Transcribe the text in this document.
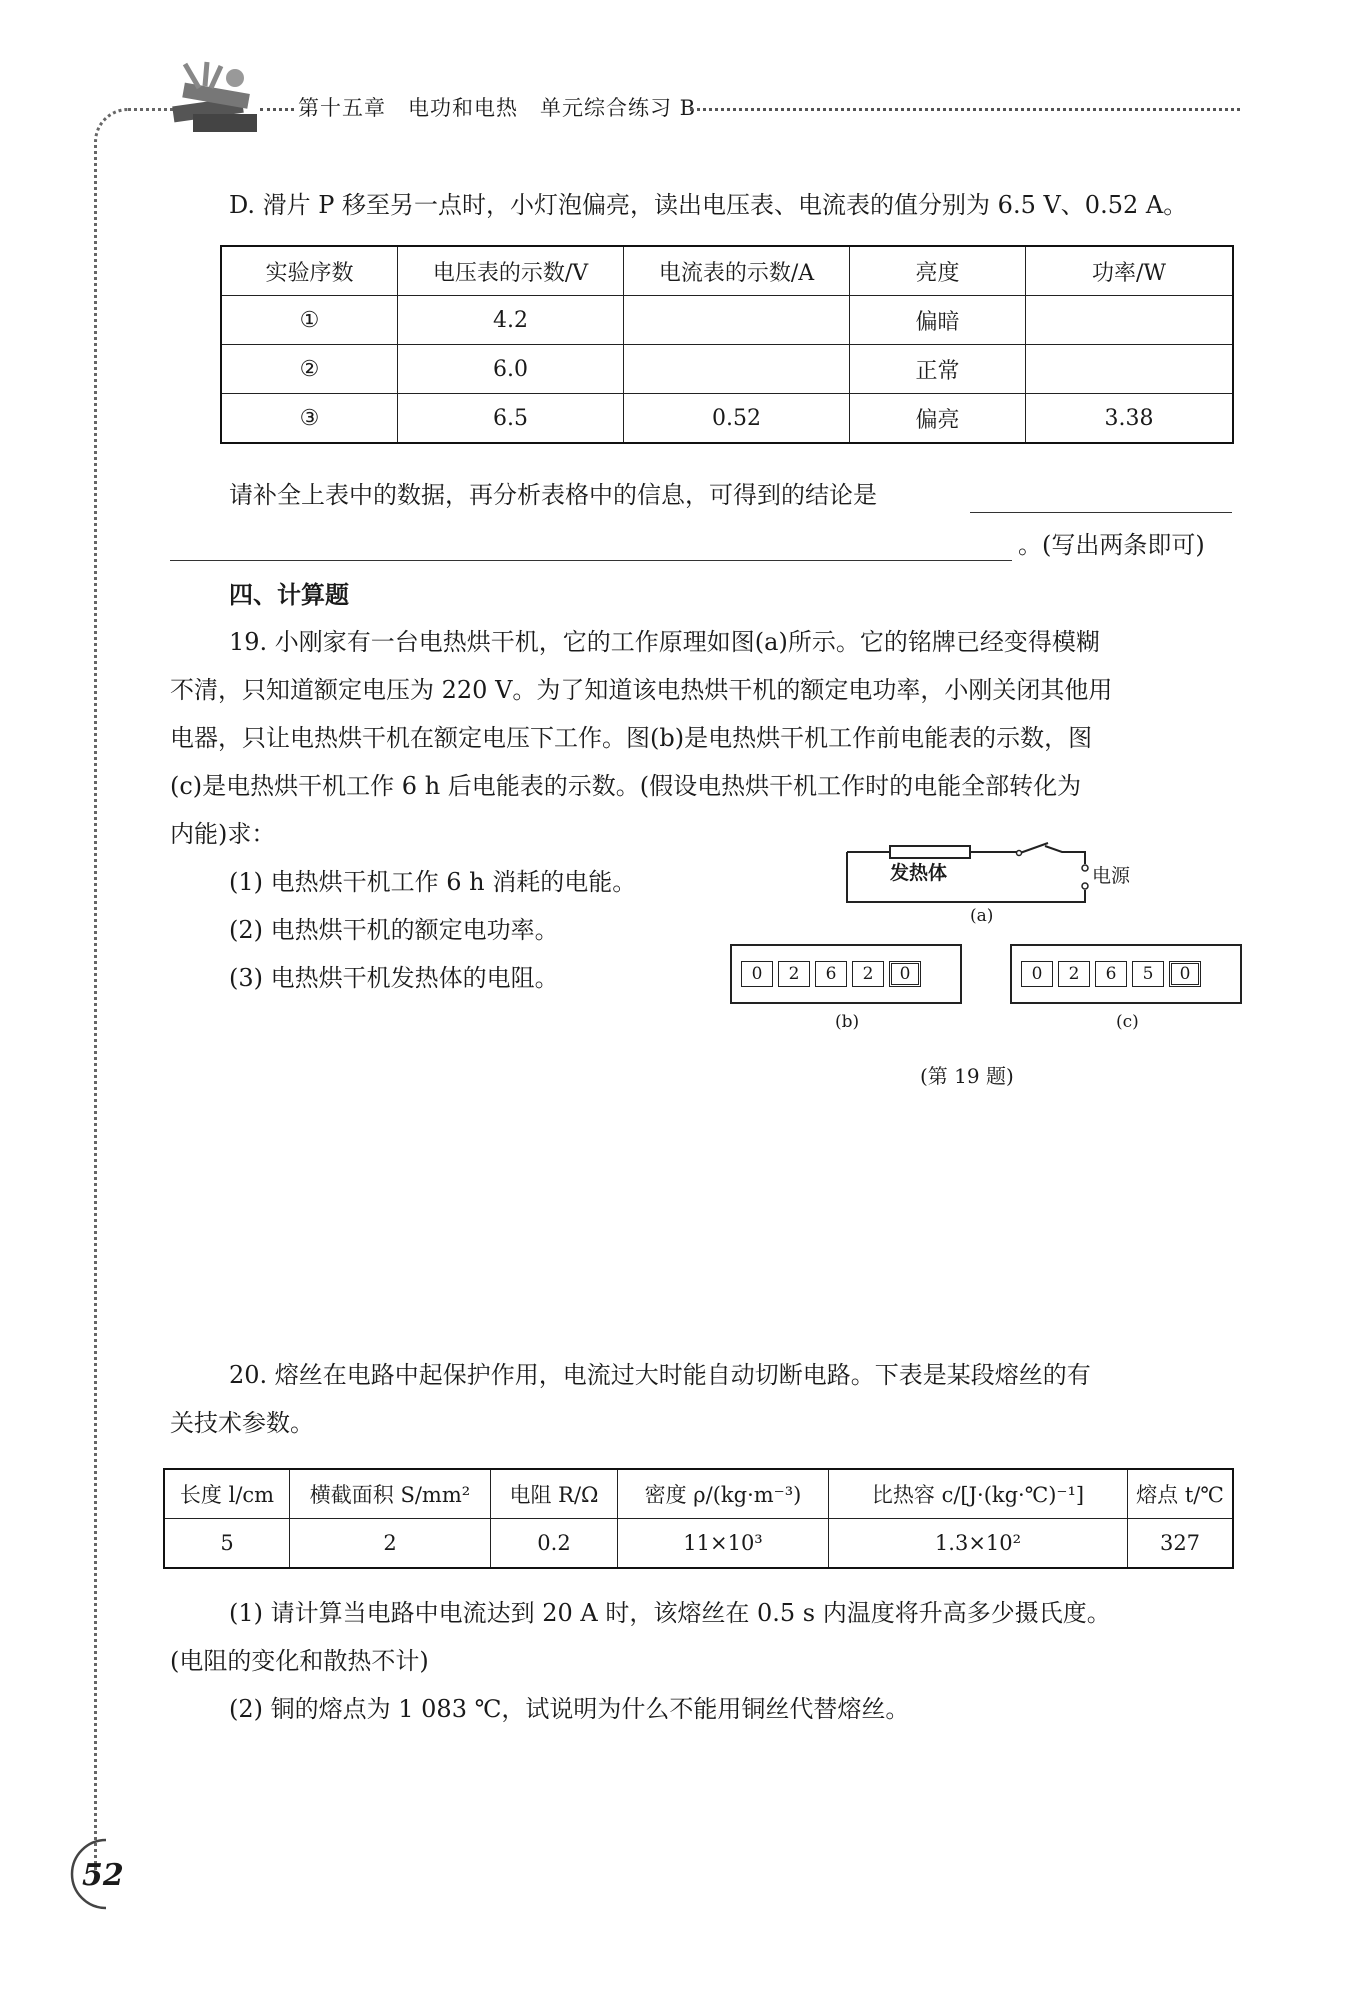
第十五章　电功和电热　单元综合练习 B
D. 滑片 P 移至另一点时，小灯泡偏亮，读出电压表、电流表的值分别为 6.5 V、0.52 A。
实验序数	电压表的示数/V	电流表的示数/A	亮度	功率/W
①	4.2		偏暗	
②	6.0		正常	
③	6.5	0.52	偏亮	3.38
请补全上表中的数据，再分析表格中的信息，可得到的结论是
。(写出两条即可)
四、计算题
19. 小刚家有一台电热烘干机，它的工作原理如图(a)所示。它的铭牌已经变得模糊
不清，只知道额定电压为 220 V。为了知道该电热烘干机的额定电功率，小刚关闭其他用
电器，只让电热烘干机在额定电压下工作。图(b)是电热烘干机工作前电能表的示数，图
(c)是电热烘干机工作 6 h 后电能表的示数。(假设电热烘干机工作时的电能全部转化为
内能)求：
(1) 电热烘干机工作 6 h 消耗的电能。
(2) 电热烘干机的额定电功率。
(3) 电热烘干机发热体的电阻。
发热体	电源
(a)
0	2	6	2	0
(b)
0	2	6	5	0
(c)
(第 19 题)
20. 熔丝在电路中起保护作用，电流过大时能自动切断电路。下表是某段熔丝的有
关技术参数。
长度 l/cm	横截面积 S/mm²	电阻 R/Ω	密度 ρ/(kg·m⁻³)	比热容 c/[J·(kg·℃)⁻¹]	熔点 t/℃
5	2	0.2	11×10³	1.3×10²	327
(1) 请计算当电路中电流达到 20 A 时，该熔丝在 0.5 s 内温度将升高多少摄氏度。
(电阻的变化和散热不计)
(2) 铜的熔点为 1 083 ℃，试说明为什么不能用铜丝代替熔丝。
52
